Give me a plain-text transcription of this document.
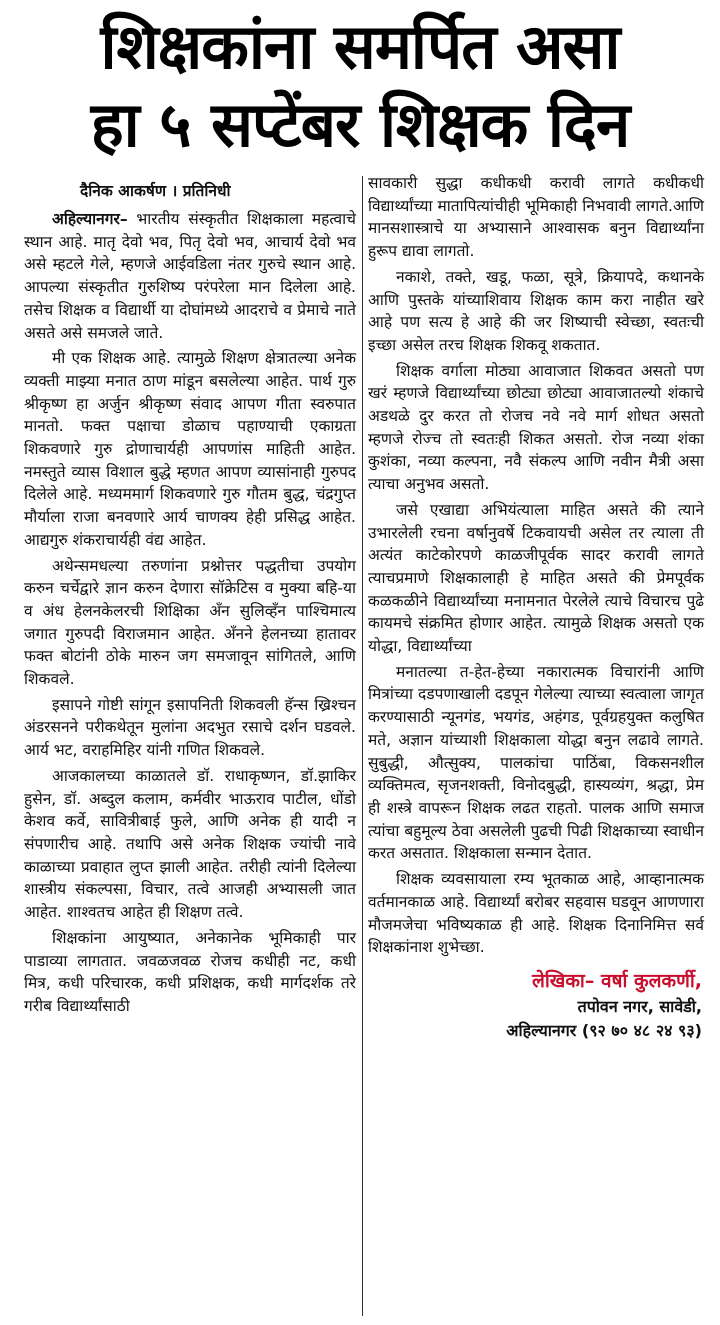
शिक्षकांना समर्पित असा
हा ५ सप्टेंबर शिक्षक दिन
दैनिक आकर्षण । प्रतिनिधी

अहिल्यानगर– भारतीय संस्कृतीत शिक्षकाला महत्वाचे स्थान आहे. मातृ देवो भव, पितृ देवो भव, आचार्य देवो भव असे म्हटले गेले, म्हणजे आईवडिला नंतर गुरुचे स्थान आहे. आपल्या संस्कृतीत गुरुशिष्य परंपरेला मान दिलेला आहे. तसेच शिक्षक व विद्यार्थी या दोघांमध्ये आदराचे व प्रेमाचे नाते असते असे समजले जाते.

मी एक शिक्षक आहे. त्यामुळे शिक्षण क्षेत्रातल्या अनेक व्यक्ती माझ्या मनात ठाण मांडून बसलेल्या आहेत. पार्थ गुरु श्रीकृष्ण हा अर्जुन श्रीकृष्ण संवाद आपण गीता स्वरुपात मानतो. फक्त पक्षाचा डोळाच पहाण्याची एकाग्रता शिकवणारे गुरु द्रोणाचार्यही आपणांस माहिती आहेत. नमस्तुते व्यास विशाल बुद्धे म्हणत आपण व्यासांनाही गुरुपद दिलेले आहे. मध्यममार्ग शिकवणारे गुरु गौतम बुद्ध, चंद्रगुप्त मौर्याला राजा बनवणारे आर्य चाणक्य हेही प्रसिद्ध आहेत. आद्यगुरु शंकराचार्यही वंद्य आहेत.

अथेन्समधल्या तरुणांना प्रश्नोत्तर पद्धतीचा उपयोग करुन चर्चेद्वारे ज्ञान करुन देणारा सॉक्रेटिस व मुक्या बहि-या व अंध हेलनकेलरची शिक्षिका अँन सुलिव्हँन पाश्चिमात्य जगात गुरुपदी विराजमान आहेत. अँनने हेलनच्या हातावर फक्त बोटांनी ठोके मारुन जग समजावून सांगितले, आणि शिकवले.

इसापने गोष्टी सांगून इसापनिती शिकवली हॅन्स ख्रिश्चन अंडरसनने परीकथेतून मुलांना अदभुत रसाचे दर्शन घडवले. आर्य भट, वराहमिहिर यांनी गणित शिकवले.

आजकालच्या काळातले डॉ. राधाकृष्णन, डॉ.झाकिर हुसेन, डॉ. अब्दुल कलाम, कर्मवीर भाऊराव पाटील, धोंडो केशव कर्वे, सावित्रीबाई फुले, आणि अनेक ही यादी न संपणारीच आहे. तथापि असे अनेक शिक्षक ज्यांची नावे काळाच्या प्रवाहात लुप्त झाली आहेत. तरीही त्यांनी दिलेल्या शास्त्रीय संकल्पसा, विचार, तत्वे आजही अभ्यासली जात आहेत. शाश्वतच आहेत ही शिक्षण तत्वे.

शिक्षकांना आयुष्यात, अनेकानेक भूमिकाही पार पाडाव्या लागतात. जवळजवळ रोजच कधीही नट, कधी मित्र, कधी परिचारक, कधी प्रशिक्षक, कधी मार्गदर्शक तरे गरीब विद्यार्थ्यांसाठी

सावकारी सुद्धा कधीकधी करावी लागते कधीकधी विद्यार्थ्यांच्या मातापित्यांचीही भूमिकाही निभवावी लागते.आणि मानसशास्त्राचे या अभ्यासाने आश्वासक बनुन विद्यार्थ्यांना हुरूप द्यावा लागतो.

नकाशे, तक्ते, खडू, फळा, सूत्रे, क्रियापदे, कथानके आणि पुस्तके यांच्याशिवाय शिक्षक काम करा नाहीत खरे आहे पण सत्य हे आहे की जर शिष्याची स्वेच्छा, स्वतःची इच्छा असेल तरच शिक्षक शिकवू शकतात.

शिक्षक वर्गाला मोठ्या आवाजात शिकवत असतो पण खरं म्हणजे विद्यार्थ्यांच्या छोट्या छोट्या आवाजातल्यो शंकाचे अडथळे दुर करत तो रोजच नवे नवे मार्ग शोधत असतो म्हणजे रोज्च तो स्वतःही शिकत असतो. रोज नव्या शंका कुशंका, नव्या कल्पना, नवै संकल्प आणि नवीन मैत्री असा त्याचा अनुभव असतो.

जसे एखाद्या अभियंत्याला माहित असते की त्याने उभारलेली रचना वर्षानुवर्षे टिकवायची असेल तर त्याला ती अत्यंत काटेकोरपणे काळजीपूर्वक सादर करावी लागते त्याचप्रमाणे शिक्षकालाही हे माहित असते की प्रेमपूर्वक कळकळीने विद्यार्थ्यांच्या मनामनात पेरलेले त्याचे विचारच पुढे कायमचे संक्रमित होणार आहेत. त्यामुळे शिक्षक असतो एक योद्धा, विद्यार्थ्यांच्या

मनातल्या त-हेत-हेच्या नकारात्मक विचारांनी आणि मित्रांच्या दडपणाखाली दडपून गेलेल्या त्याच्या स्वत्वाला जागृत करण्यासाठी न्यूनगंड, भयगंड, अहंगड, पूर्वग्रहयुक्त कलुषित मते, अज्ञान यांच्याशी शिक्षकाला योद्धा बनुन लढावे लागते. सुबुद्धी, औत्सुक्य, पालकांचा पाठिंबा, विकसनशील व्यक्तिमत्व, सृजनशक्ती, विनोदबुद्धी, हास्यव्यंग, श्रद्धा, प्रेम ही शस्त्रे वापरून शिक्षक लढत राहतो. पालक आणि समाज त्यांचा बहुमूल्य ठेवा असलेली पुढची पिढी शिक्षकाच्या स्वाधीन करत असतात. शिक्षकाला सन्मान देतात.

शिक्षक व्यवसायाला रम्य भूतकाळ आहे, आव्हानात्मक वर्तमानकाळ आहे. विद्यार्थ्यां बरोबर सहवास घडवून आणणारा मौजमजेचा भविष्यकाळ ही आहे. शिक्षक दिनानिमित्त सर्व शिक्षकांनाश शुभेच्छा.

लेखिका– वर्षा कुलकर्णी,
तपोवन नगर, सावेडी,
अहिल्यानगर (९२ ७० ४८ २४ ९३)
